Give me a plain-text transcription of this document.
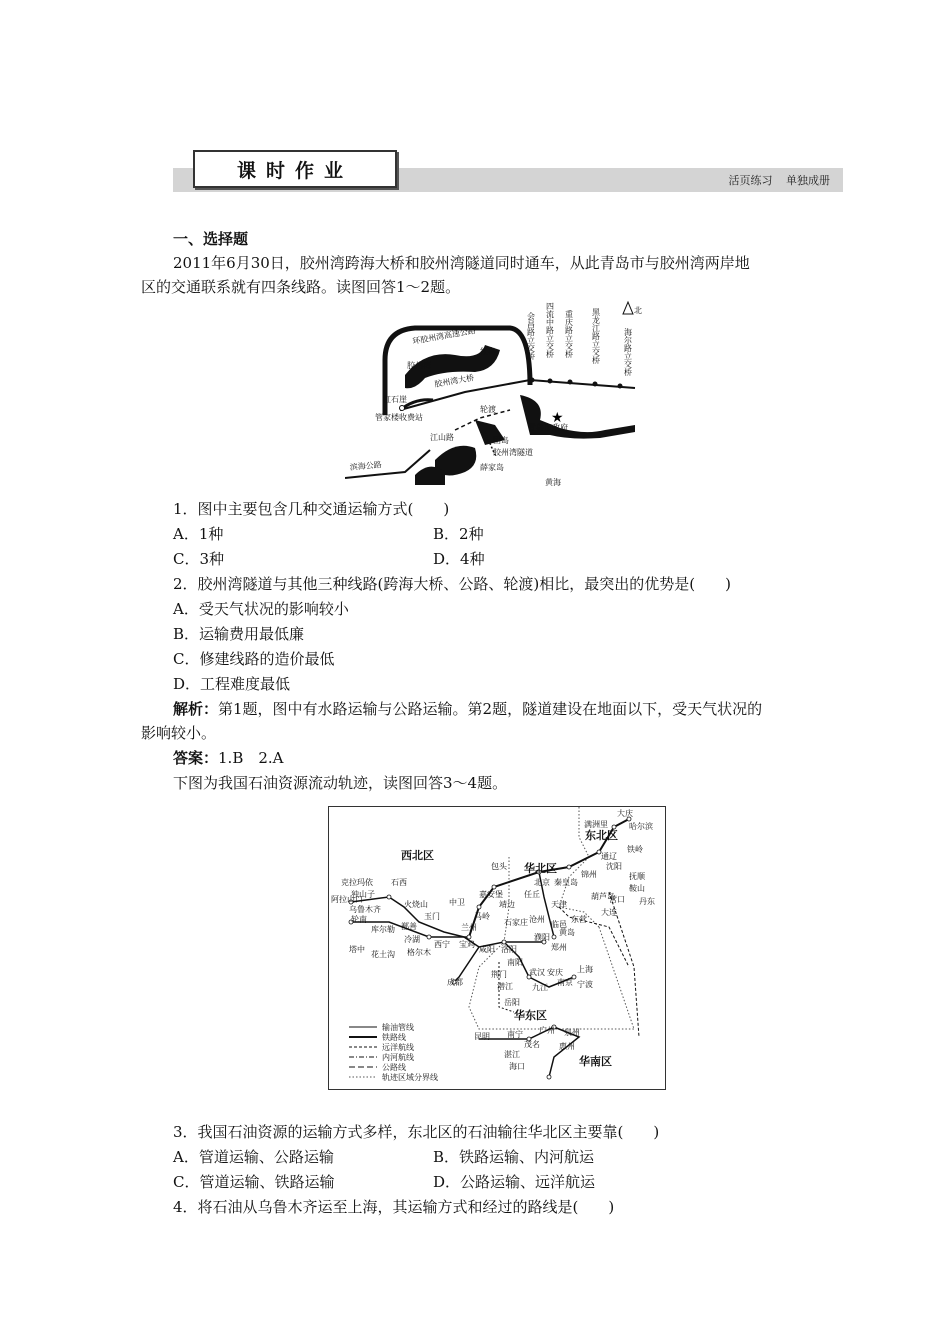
课时作业	活页练习 单独成册
一、选择题
2011年6月30日，胶州湾跨海大桥和胶州湾隧道同时通车，从此青岛市与胶州湾两岸地
区的交通联系就有四条线路。读图回答1～2题。
★
北
环胶州湾高速公路
胶州湾
红岛
胶州湾大桥
红石崖
管家楼收费站
轮渡
江山路	团岛
胶州湾隧道
薛家岛
滨海公路
青岛市政府
黄海
会昌路立交桥 四流中路立交桥 重庆路立交桥 黑龙江路立交桥	海尔路立交桥
1．图中主要包含几种交通运输方式(　　)
A．1种	B．2种
C．3种	D．4种
2．胶州湾隧道与其他三种线路(跨海大桥、公路、轮渡)相比，最突出的优势是(　　)
A．受天气状况的影响较小
B．运输费用最低廉
C．修建线路的造价最低
D．工程难度最低
解析：第1题，图中有水路运输与公路运输。第2题，隧道建设在地面以下，受天气状况的
影响较小。
答案：1.B　2.A
下图为我国石油资源流动轨迹，读图回答3～4题。
西北区
华北区
东北区
华东区
华南区
大庆
哈尔滨
满洲里
通辽
铁岭
沈阳
抚顺
锦州
鞍山
葫芦岛
营口 丹东
大连
包头
北京 秦皇岛
天津
沧州
任丘
中卫
嘉安堡
靖边
兰州
马岭
石家庄	临邑
东营
黄岛
濮阳
郑州
咸阳 洛阳
宝鸡
西宁
成都
南阳
荆门
潜江
岳阳
武汉 安庆
九江
南京
上海
宁波
昆明 南宁
茂名
广州 泉州
湛江
海口
惠州
克拉玛依
阿拉山口
独山子
乌鲁木齐
轮南
塔中
库尔勒
石西
鄯善
火烧山
玉门
冷湖
花土沟 格尔木
输油管线
铁路线
远洋航线
内河航线
公路线
轨迹区域分界线
3．我国石油资源的运输方式多样，东北区的石油输往华北区主要靠(　　)
A．管道运输、公路运输	B．铁路运输、内河航运
C．管道运输、铁路运输	D．公路运输、远洋航运
4．将石油从乌鲁木齐运至上海，其运输方式和经过的路线是(　　)
